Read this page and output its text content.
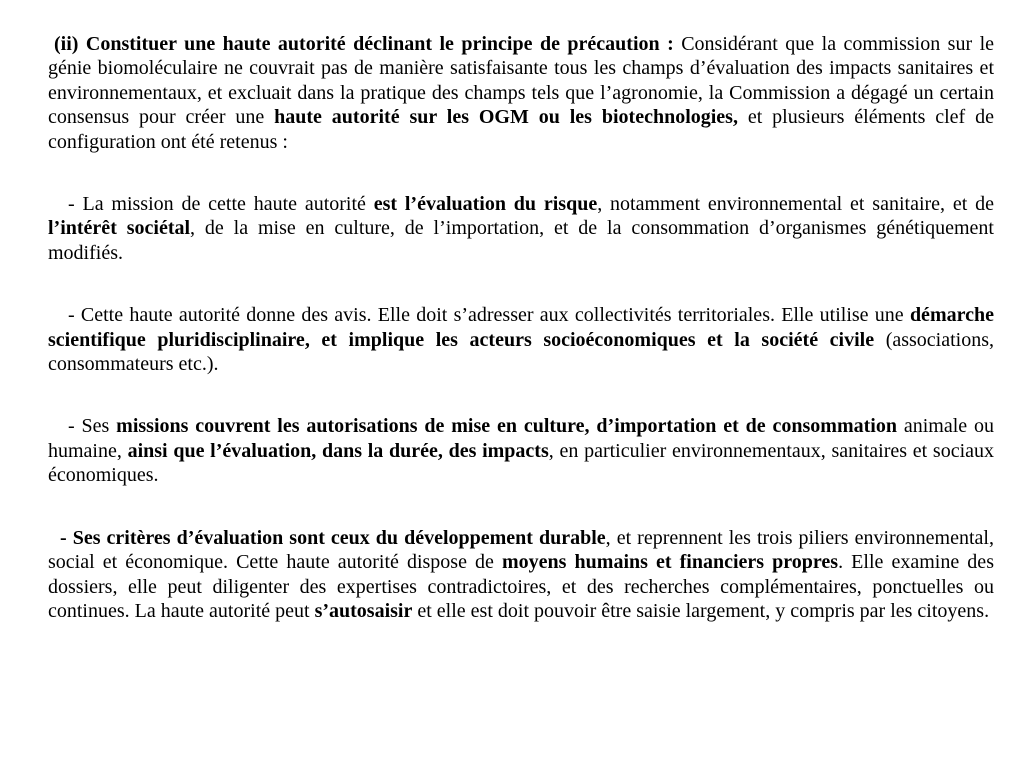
(ii) Constituer une haute autorité déclinant le principe de précaution : Considérant que la commission sur le génie biomoléculaire ne couvrait pas de manière satisfaisante tous les champs d’évaluation des impacts sanitaires et environnementaux, et excluait dans la pratique des champs tels que l’agronomie, la Commission a dégagé un certain consensus pour créer une haute autorité sur les OGM ou les biotechnologies, et plusieurs éléments clef de configuration ont été retenus :

- La mission de cette haute autorité est l’évaluation du risque, notamment environnemental et sanitaire, et de l’intérêt sociétal, de la mise en culture, de l’importation, et de la consommation d’organismes génétiquement modifiés.

- Cette haute autorité donne des avis. Elle doit s’adresser aux collectivités territoriales. Elle utilise une démarche scientifique pluridisciplinaire, et implique les acteurs socioéconomiques et la société civile (associations, consommateurs etc.).

- Ses missions couvrent les autorisations de mise en culture, d’importation et de consommation animale ou humaine, ainsi que l’évaluation, dans la durée, des impacts, en particulier environnementaux, sanitaires et sociaux économiques.

- Ses critères d’évaluation sont ceux du développement durable, et reprennent les trois piliers environnemental, social et économique. Cette haute autorité dispose de moyens humains et financiers propres. Elle examine des dossiers, elle peut diligenter des expertises contradictoires, et des recherches complémentaires, ponctuelles ou continues. La haute autorité peut s’autosaisir et elle est doit pouvoir être saisie largement, y compris par les citoyens.
